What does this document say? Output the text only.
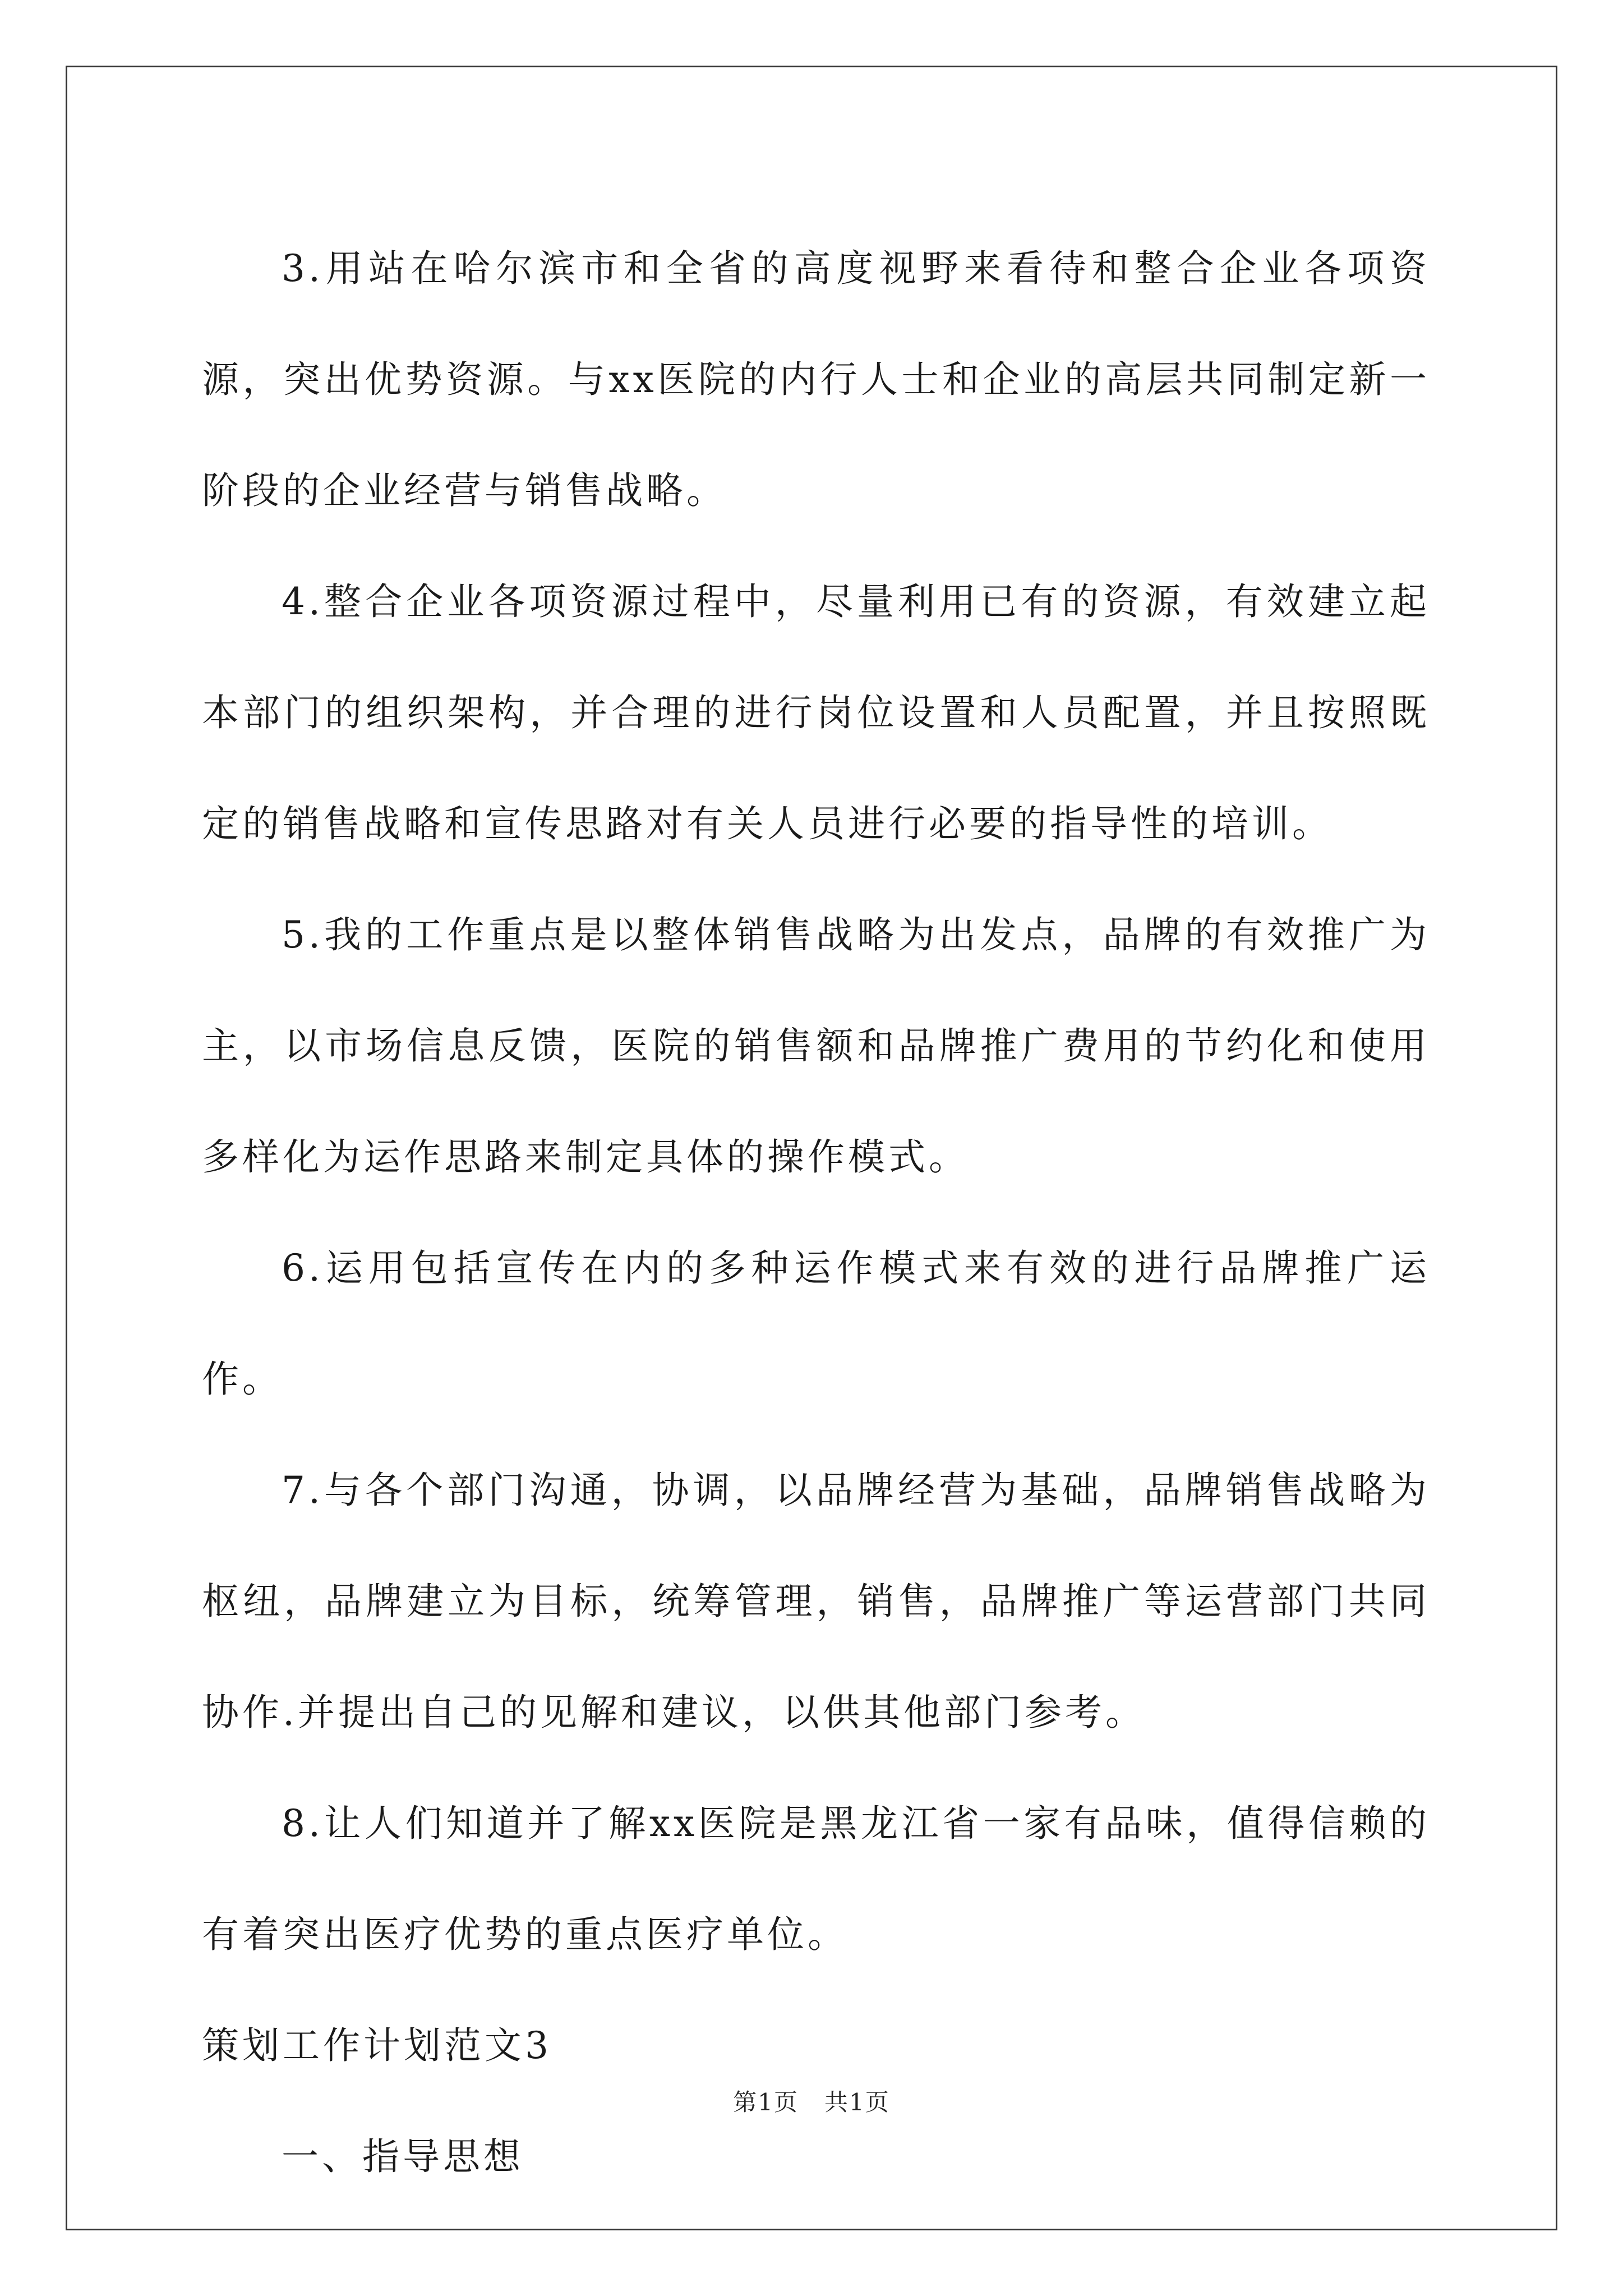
3.用站在哈尔滨市和全省的高度视野来看待和整合企业各项资源，突出优势资源。与xx医院的内行人士和企业的高层共同制定新一阶段的企业经营与销售战略。

4.整合企业各项资源过程中，尽量利用已有的资源，有效建立起本部门的组织架构，并合理的进行岗位设置和人员配置，并且按照既定的销售战略和宣传思路对有关人员进行必要的指导性的培训。

5.我的工作重点是以整体销售战略为出发点，品牌的有效推广为主，以市场信息反馈，医院的销售额和品牌推广费用的节约化和使用多样化为运作思路来制定具体的操作模式。

6.运用包括宣传在内的多种运作模式来有效的进行品牌推广运作。

7.与各个部门沟通，协调，以品牌经营为基础，品牌销售战略为枢纽，品牌建立为目标，统筹管理，销售，品牌推广等运营部门共同协作.并提出自己的见解和建议，以供其他部门参考。

8.让人们知道并了解xx医院是黑龙江省一家有品味，值得信赖的有着突出医疗优势的重点医疗单位。

策划工作计划范文3

一、指导思想

第1页 共1页
